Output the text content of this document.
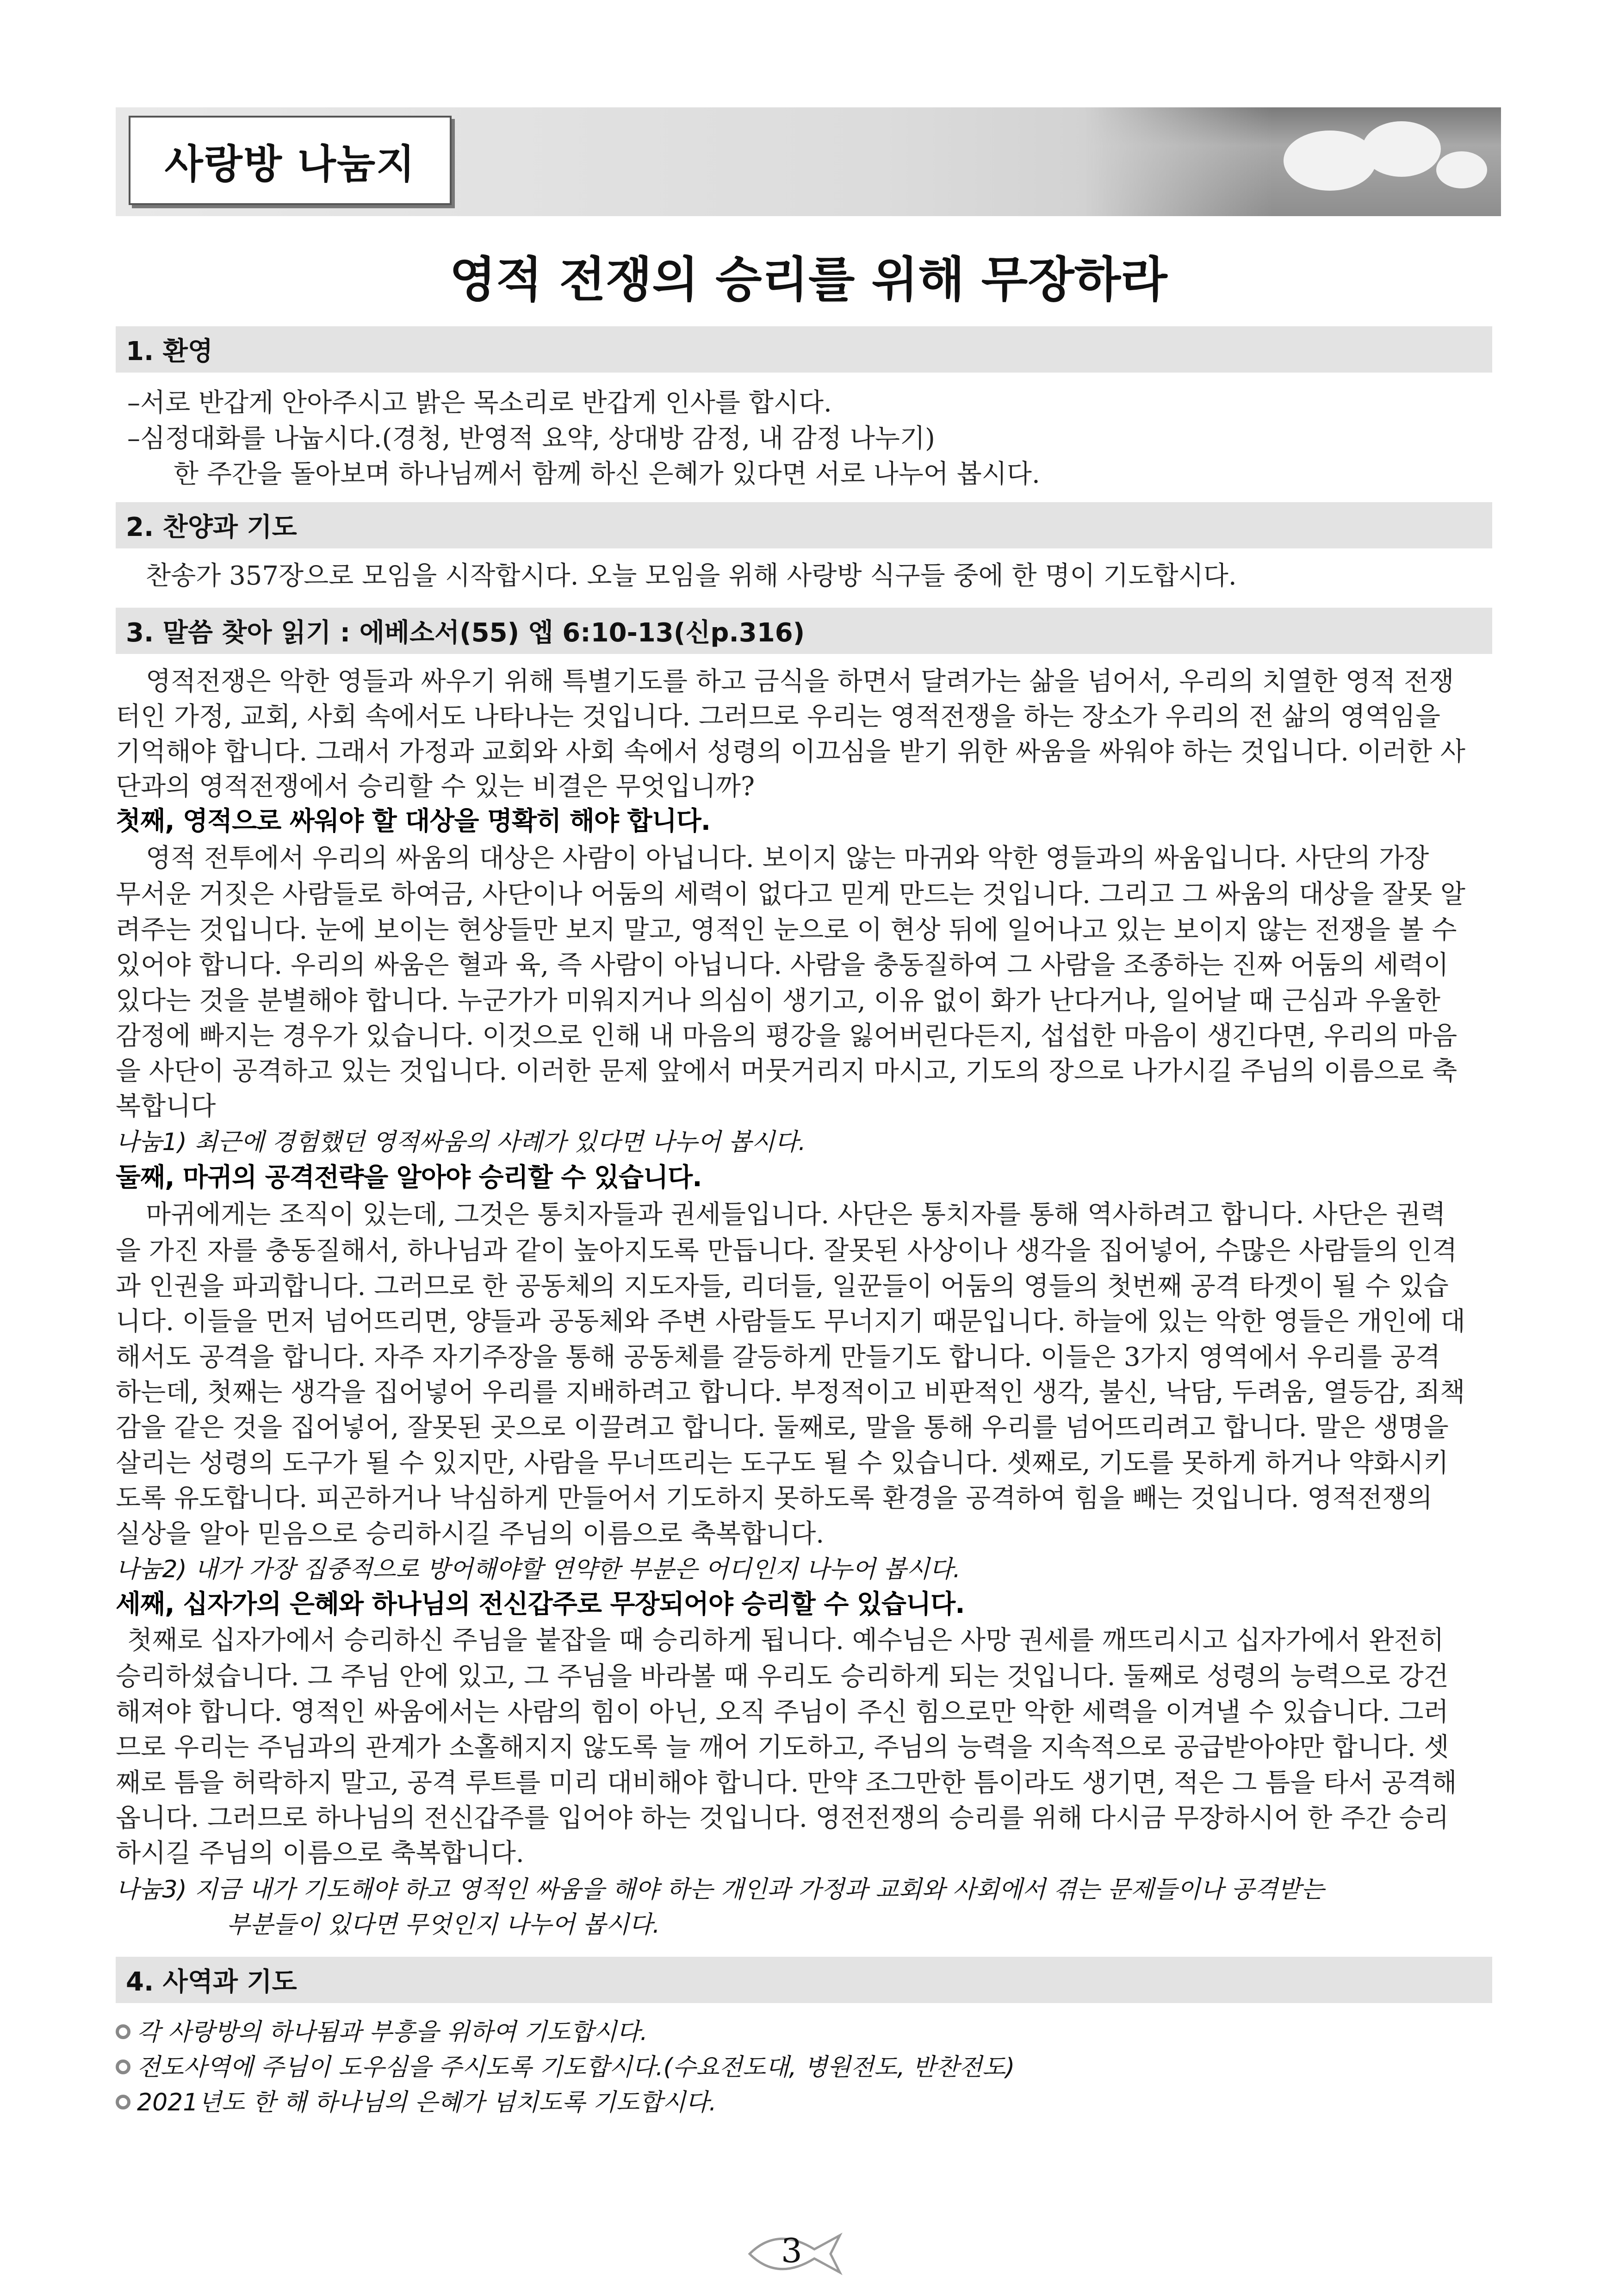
사랑방 나눔지
영적 전쟁의 승리를 위해 무장하라
1. 환영
–서로 반갑게 안아주시고 밝은 목소리로 반갑게 인사를 합시다.
–심정대화를 나눕시다.(경청, 반영적 요약, 상대방 감정, 내 감정 나누기)
한 주간을 돌아보며 하나님께서 함께 하신 은혜가 있다면 서로 나누어 봅시다.
2. 찬양과 기도
찬송가 357장으로 모임을 시작합시다. 오늘 모임을 위해 사랑방 식구들 중에 한 명이 기도합시다.
3. 말씀 찾아 읽기 : 에베소서(55) 엡 6:10-13(신p.316)
영적전쟁은 악한 영들과 싸우기 위해 특별기도를 하고 금식을 하면서 달려가는 삶을 넘어서, 우리의 치열한 영적 전쟁
터인 가정, 교회, 사회 속에서도 나타나는 것입니다. 그러므로 우리는 영적전쟁을 하는 장소가 우리의 전 삶의 영역임을
기억해야 합니다. 그래서 가정과 교회와 사회 속에서 성령의 이끄심을 받기 위한 싸움을 싸워야 하는 것입니다. 이러한 사
단과의 영적전쟁에서 승리할 수 있는 비결은 무엇입니까?
첫째, 영적으로 싸워야 할 대상을 명확히 해야 합니다.
영적 전투에서 우리의 싸움의 대상은 사람이 아닙니다. 보이지 않는 마귀와 악한 영들과의 싸움입니다. 사단의 가장
무서운 거짓은 사람들로 하여금, 사단이나 어둠의 세력이 없다고 믿게 만드는 것입니다. 그리고 그 싸움의 대상을 잘못 알
려주는 것입니다. 눈에 보이는 현상들만 보지 말고, 영적인 눈으로 이 현상 뒤에 일어나고 있는 보이지 않는 전쟁을 볼 수
있어야 합니다. 우리의 싸움은 혈과 육, 즉 사람이 아닙니다. 사람을 충동질하여 그 사람을 조종하는 진짜 어둠의 세력이
있다는 것을 분별해야 합니다. 누군가가 미워지거나 의심이 생기고, 이유 없이 화가 난다거나, 일어날 때 근심과 우울한
감정에 빠지는 경우가 있습니다. 이것으로 인해 내 마음의 평강을 잃어버린다든지, 섭섭한 마음이 생긴다면, 우리의 마음
을 사단이 공격하고 있는 것입니다. 이러한 문제 앞에서 머뭇거리지 마시고, 기도의 장으로 나가시길 주님의 이름으로 축
복합니다
나눔1) 최근에 경험했던 영적싸움의 사례가 있다면 나누어 봅시다.
둘째, 마귀의 공격전략을 알아야 승리할 수 있습니다.
마귀에게는 조직이 있는데, 그것은 통치자들과 권세들입니다. 사단은 통치자를 통해 역사하려고 합니다. 사단은 권력
을 가진 자를 충동질해서, 하나님과 같이 높아지도록 만듭니다. 잘못된 사상이나 생각을 집어넣어, 수많은 사람들의 인격
과 인권을 파괴합니다. 그러므로 한 공동체의 지도자들, 리더들, 일꾼들이 어둠의 영들의 첫번째 공격 타겟이 될 수 있습
니다. 이들을 먼저 넘어뜨리면, 양들과 공동체와 주변 사람들도 무너지기 때문입니다. 하늘에 있는 악한 영들은 개인에 대
해서도 공격을 합니다. 자주 자기주장을 통해 공동체를 갈등하게 만들기도 합니다. 이들은 3가지 영역에서 우리를 공격
하는데, 첫째는 생각을 집어넣어 우리를 지배하려고 합니다. 부정적이고 비판적인 생각, 불신, 낙담, 두려움, 열등감, 죄책
감을 같은 것을 집어넣어, 잘못된 곳으로 이끌려고 합니다. 둘째로, 말을 통해 우리를 넘어뜨리려고 합니다. 말은 생명을
살리는 성령의 도구가 될 수 있지만, 사람을 무너뜨리는 도구도 될 수 있습니다. 셋째로, 기도를 못하게 하거나 약화시키
도록 유도합니다. 피곤하거나 낙심하게 만들어서 기도하지 못하도록 환경을 공격하여 힘을 빼는 것입니다. 영적전쟁의
실상을 알아 믿음으로 승리하시길 주님의 이름으로 축복합니다.
나눔2) 내가 가장 집중적으로 방어해야할 연약한 부분은 어디인지 나누어 봅시다.
세째, 십자가의 은혜와 하나님의 전신갑주로 무장되어야 승리할 수 있습니다.
첫째로 십자가에서 승리하신 주님을 붙잡을 때 승리하게 됩니다. 예수님은 사망 권세를 깨뜨리시고 십자가에서 완전히
승리하셨습니다. 그 주님 안에 있고, 그 주님을 바라볼 때 우리도 승리하게 되는 것입니다. 둘째로 성령의 능력으로 강건
해져야 합니다. 영적인 싸움에서는 사람의 힘이 아닌, 오직 주님이 주신 힘으로만 악한 세력을 이겨낼 수 있습니다. 그러
므로 우리는 주님과의 관계가 소홀해지지 않도록 늘 깨어 기도하고, 주님의 능력을 지속적으로 공급받아야만 합니다. 셋
째로 틈을 허락하지 말고, 공격 루트를 미리 대비해야 합니다. 만약 조그만한 틈이라도 생기면, 적은 그 틈을 타서 공격해
옵니다. 그러므로 하나님의 전신갑주를 입어야 하는 것입니다. 영전전쟁의 승리를 위해 다시금 무장하시어 한 주간 승리
하시길 주님의 이름으로 축복합니다.
나눔3) 지금 내가 기도해야 하고 영적인 싸움을 해야 하는 개인과 가정과 교회와 사회에서 겪는 문제들이나 공격받는
부분들이 있다면 무엇인지 나누어 봅시다.
4. 사역과 기도
각 사랑방의 하나됨과 부흥을 위하여 기도합시다.
전도사역에 주님이 도우심을 주시도록 기도합시다.(수요전도대, 병원전도, 반찬전도)
2021년도 한 해 하나님의 은혜가 넘치도록 기도합시다.
3
